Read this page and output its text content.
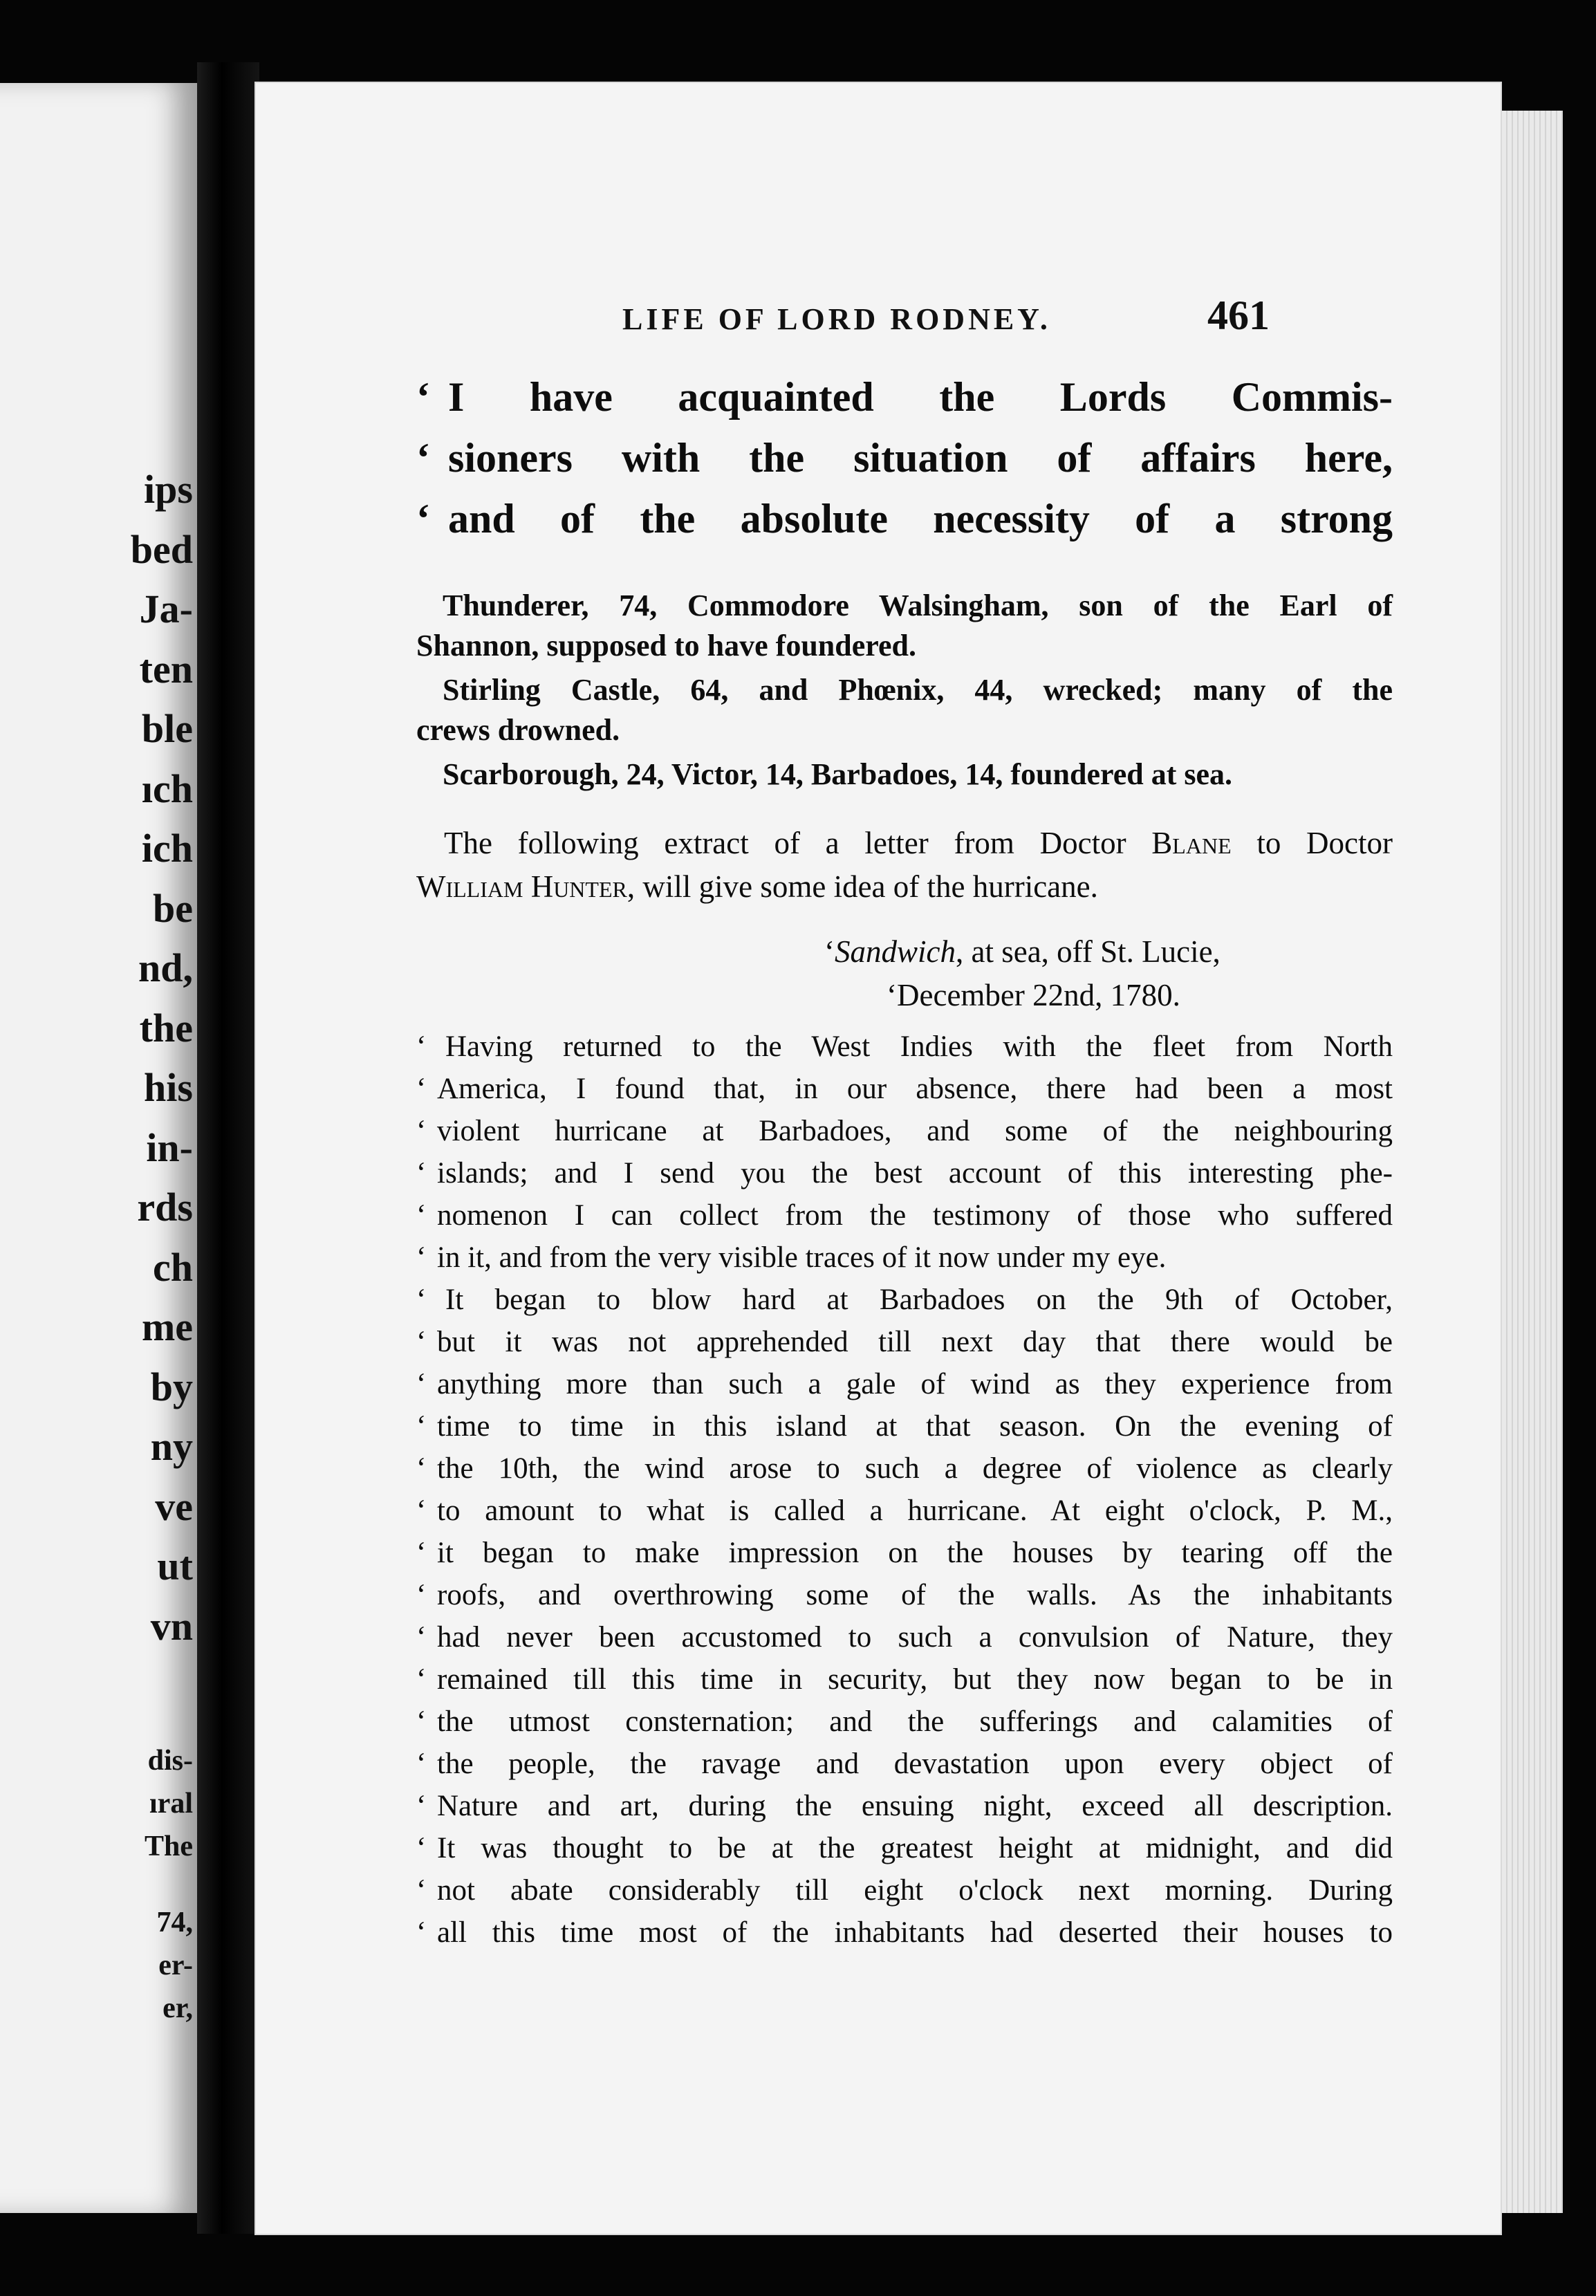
ips
bed
Ja-
ten
ble
ıch
ich
be
nd,
the
his
in-
rds
ch
me
by
ny
ve
ut
vn
dis-
ıral
The
74,
er-
er,
LIFE OF LORD RODNEY.	461
‘ I have acquainted the Lords Commis-
‘ sioners with the situation of affairs here,
‘ and of the absolute necessity of a strong
Thunderer, 74, Commodore Walsingham, son of the Earl of
Shannon, supposed to have foundered.
Stirling Castle, 64, and Phœnix, 44, wrecked; many of the
crews drowned.
Scarborough, 24, Victor, 14, Barbadoes, 14, foundered at sea.
The following extract of a letter from Doctor Blane to Doctor
William Hunter, will give some idea of the hurricane.
‘Sandwich, at sea, off St. Lucie,
‘December 22nd, 1780.
‘ Having returned to the West Indies with the fleet from North
‘ America, I found that, in our absence, there had been a most
‘ violent hurricane at Barbadoes, and some of the neighbouring
‘ islands; and I send you the best account of this interesting phe-
‘ nomenon I can collect from the testimony of those who suffered
‘ in it, and from the very visible traces of it now under my eye.
‘ It began to blow hard at Barbadoes on the 9th of October,
‘ but it was not apprehended till next day that there would be
‘ anything more than such a gale of wind as they experience from
‘ time to time in this island at that season. On the evening of
‘ the 10th, the wind arose to such a degree of violence as clearly
‘ to amount to what is called a hurricane. At eight o'clock, P. M.,
‘ it began to make impression on the houses by tearing off the
‘ roofs, and overthrowing some of the walls. As the inhabitants
‘ had never been accustomed to such a convulsion of Nature, they
‘ remained till this time in security, but they now began to be in
‘ the utmost consternation; and the sufferings and calamities of
‘ the people, the ravage and devastation upon every object of
‘ Nature and art, during the ensuing night, exceed all description.
‘ It was thought to be at the greatest height at midnight, and did
‘ not abate considerably till eight o'clock next morning. During
‘ all this time most of the inhabitants had deserted their houses to
